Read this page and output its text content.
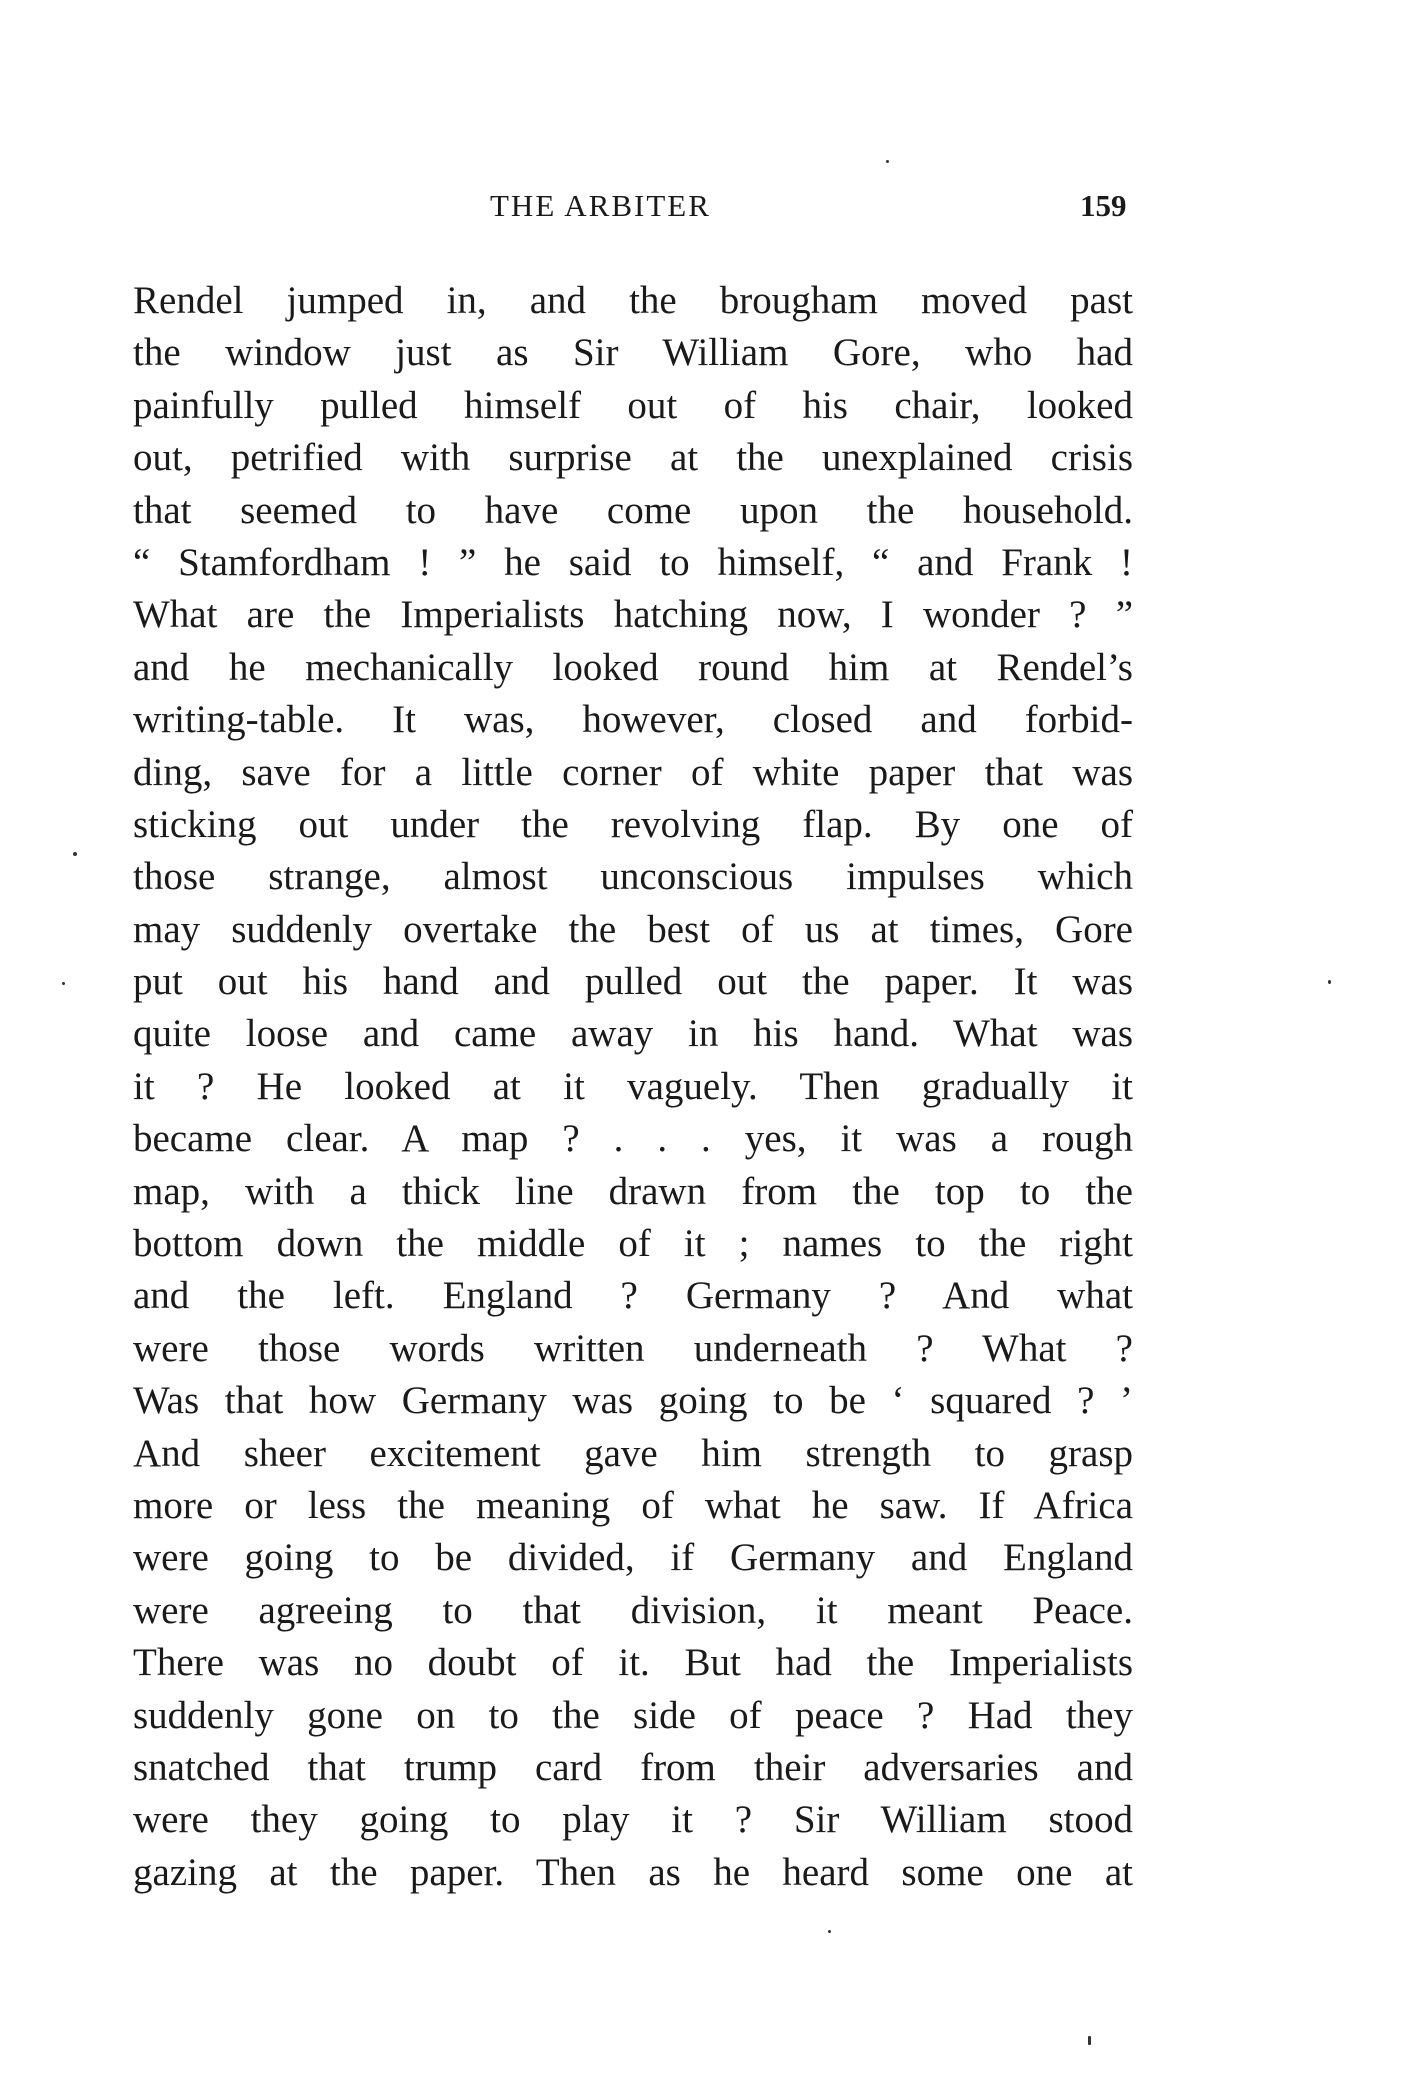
THE ARBITER	159
Rendel jumped in, and the brougham moved past
the window just as Sir William Gore, who had
painfully pulled himself out of his chair, looked
out, petrified with surprise at the unexplained crisis
that seemed to have come upon the household.
“ Stamfordham ! ” he said to himself, “ and Frank !
What are the Imperialists hatching now, I wonder ? ”
and he mechanically looked round him at Rendel’s
writing-table. It was, however, closed and forbid-
ding, save for a little corner of white paper that was
sticking out under the revolving flap. By one of
those strange, almost unconscious impulses which
may suddenly overtake the best of us at times, Gore
put out his hand and pulled out the paper. It was
quite loose and came away in his hand. What was
it ? He looked at it vaguely. Then gradually it
became clear. A map ? . . . yes, it was a rough
map, with a thick line drawn from the top to the
bottom down the middle of it ; names to the right
and the left. England ? Germany ? And what
were those words written underneath ? What ?
Was that how Germany was going to be ‘ squared ? ’
And sheer excitement gave him strength to grasp
more or less the meaning of what he saw. If Africa
were going to be divided, if Germany and England
were agreeing to that division, it meant Peace.
There was no doubt of it. But had the Imperialists
suddenly gone on to the side of peace ? Had they
snatched that trump card from their adversaries and
were they going to play it ? Sir William stood
gazing at the paper. Then as he heard some one at
